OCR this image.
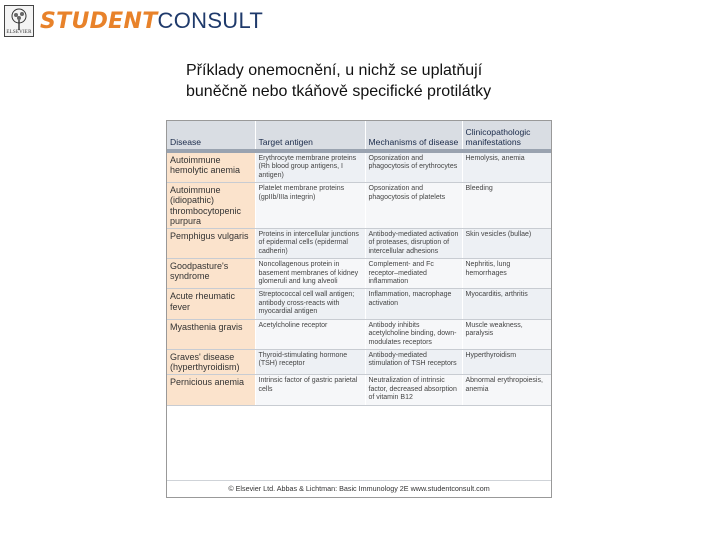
ELSEVIER STUDENTCONSULT
Příklady onemocnění, u nichž se uplatňují
buněčně nebo tkáňově specifické protilátky
Disease	Target antigen	Mechanisms of disease	Clinicopathologic manifestations

Autoimmune hemolytic anemia	Erythrocyte membrane proteins (Rh blood group antigens, I antigen)	Opsonization and phagocytosis of erythrocytes	Hemolysis, anemia
Autoimmune (idiopathic) thrombocytopenic purpura	Platelet membrane proteins (gpIIb/IIIa integrin)	Opsonization and phagocytosis of platelets	Bleeding
Pemphigus vulgaris	Proteins in intercellular junctions of epidermal cells (epidermal cadherin)	Antibody-mediated activation of proteases, disruption of intercellular adhesions	Skin vesicles (bullae)
Goodpasture's syndrome	Noncollagenous protein in basement membranes of kidney glomeruli and lung alveoli	Complement- and Fc receptor–mediated inflammation	Nephritis, lung hemorrhages
Acute rheumatic fever	Streptococcal cell wall antigen; antibody cross-reacts with myocardial antigen	Inflammation, macrophage activation	Myocarditis, arthritis
Myasthenia gravis	Acetylcholine receptor	Antibody inhibits acetylcholine binding, down-modulates receptors	Muscle weakness, paralysis
Graves' disease (hyperthyroidism)	Thyroid-stimulating hormone (TSH) receptor	Antibody-mediated stimulation of TSH receptors	Hyperthyroidism
Pernicious anemia	Intrinsic factor of gastric parietal cells	Neutralization of intrinsic factor, decreased absorption of vitamin B12	Abnormal erythropoiesis, anemia
© Elsevier Ltd. Abbas & Lichtman: Basic Immunology 2E www.studentconsult.com
